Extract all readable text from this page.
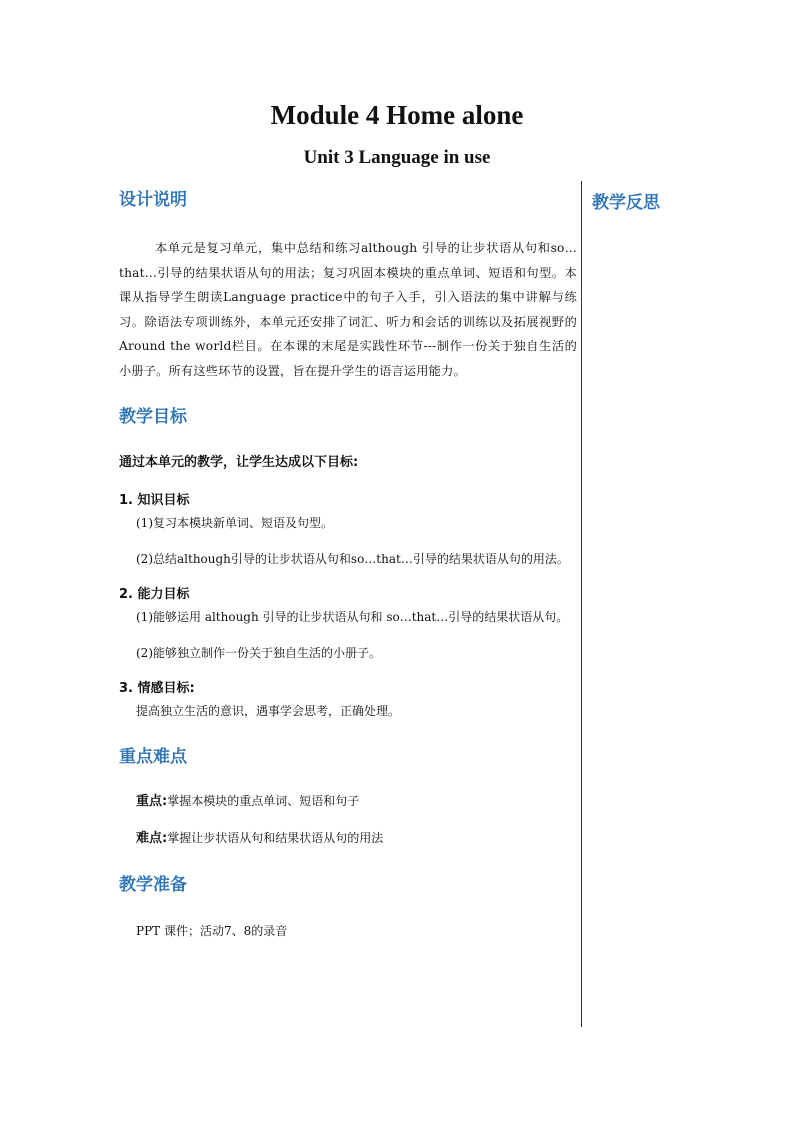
Module 4 Home alone
Unit 3 Language in use
教学反思
设计说明

本单元是复习单元，集中总结和练习although 引导的让步状语从句和so…that…引导的结果状语从句的用法；复习巩固本模块的重点单词、短语和句型。本课从指导学生朗读Language practice中的句子入手，引入语法的集中讲解与练习。除语法专项训练外，本单元还安排了词汇、听力和会话的训练以及拓展视野的Around the world栏目。在本课的末尾是实践性环节---制作一份关于独自生活的小册子。所有这些环节的设置，旨在提升学生的语言运用能力。

教学目标

通过本单元的教学，让学生达成以下目标:

1. 知识目标

(1)复习本模块新单词、短语及句型。

(2)总结although引导的让步状语从句和so…that…引导的结果状语从句的用法。

2. 能力目标

(1)能够运用 although 引导的让步状语从句和 so…that…引导的结果状语从句。

(2)能够独立制作一份关于独自生活的小册子。

3. 情感目标:

提高独立生活的意识，遇事学会思考，正确处理。

重点难点

重点:掌握本模块的重点单词、短语和句子

难点:掌握让步状语从句和结果状语从句的用法

教学准备

PPT 课件；活动7、8的录音
